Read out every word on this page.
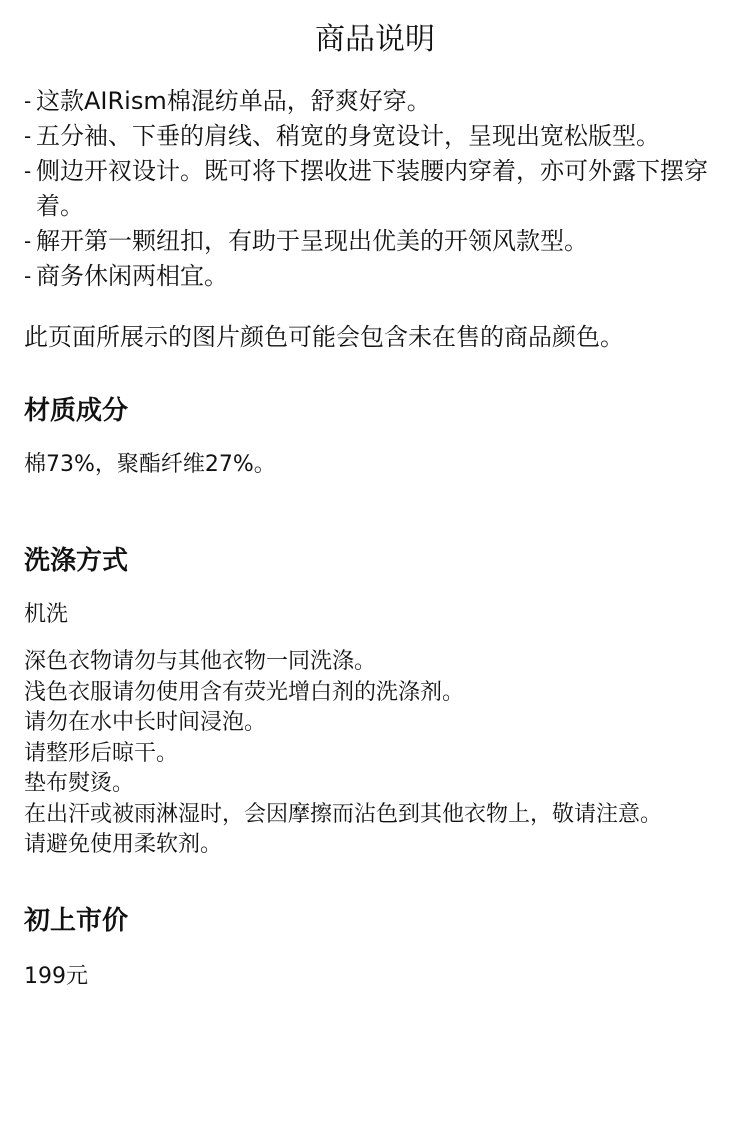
商品说明
- 这款AIRism棉混纺单品，舒爽好穿。
- 五分袖、下垂的肩线、稍宽的身宽设计，呈现出宽松版型。
- 侧边开衩设计。既可将下摆收进下装腰内穿着，亦可外露下摆穿着。
- 解开第一颗纽扣，有助于呈现出优美的开领风款型。
- 商务休闲两相宜。

此页面所展示的图片颜色可能会包含未在售的商品颜色。

材质成分

棉73%，聚酯纤维27%。

洗涤方式

机洗

深色衣物请勿与其他衣物一同洗涤。
浅色衣服请勿使用含有荧光增白剂的洗涤剂。
请勿在水中长时间浸泡。
请整形后晾干。
垫布熨烫。
在出汗或被雨淋湿时，会因摩擦而沾色到其他衣物上，敬请注意。
请避免使用柔软剂。
初上市价

199元
